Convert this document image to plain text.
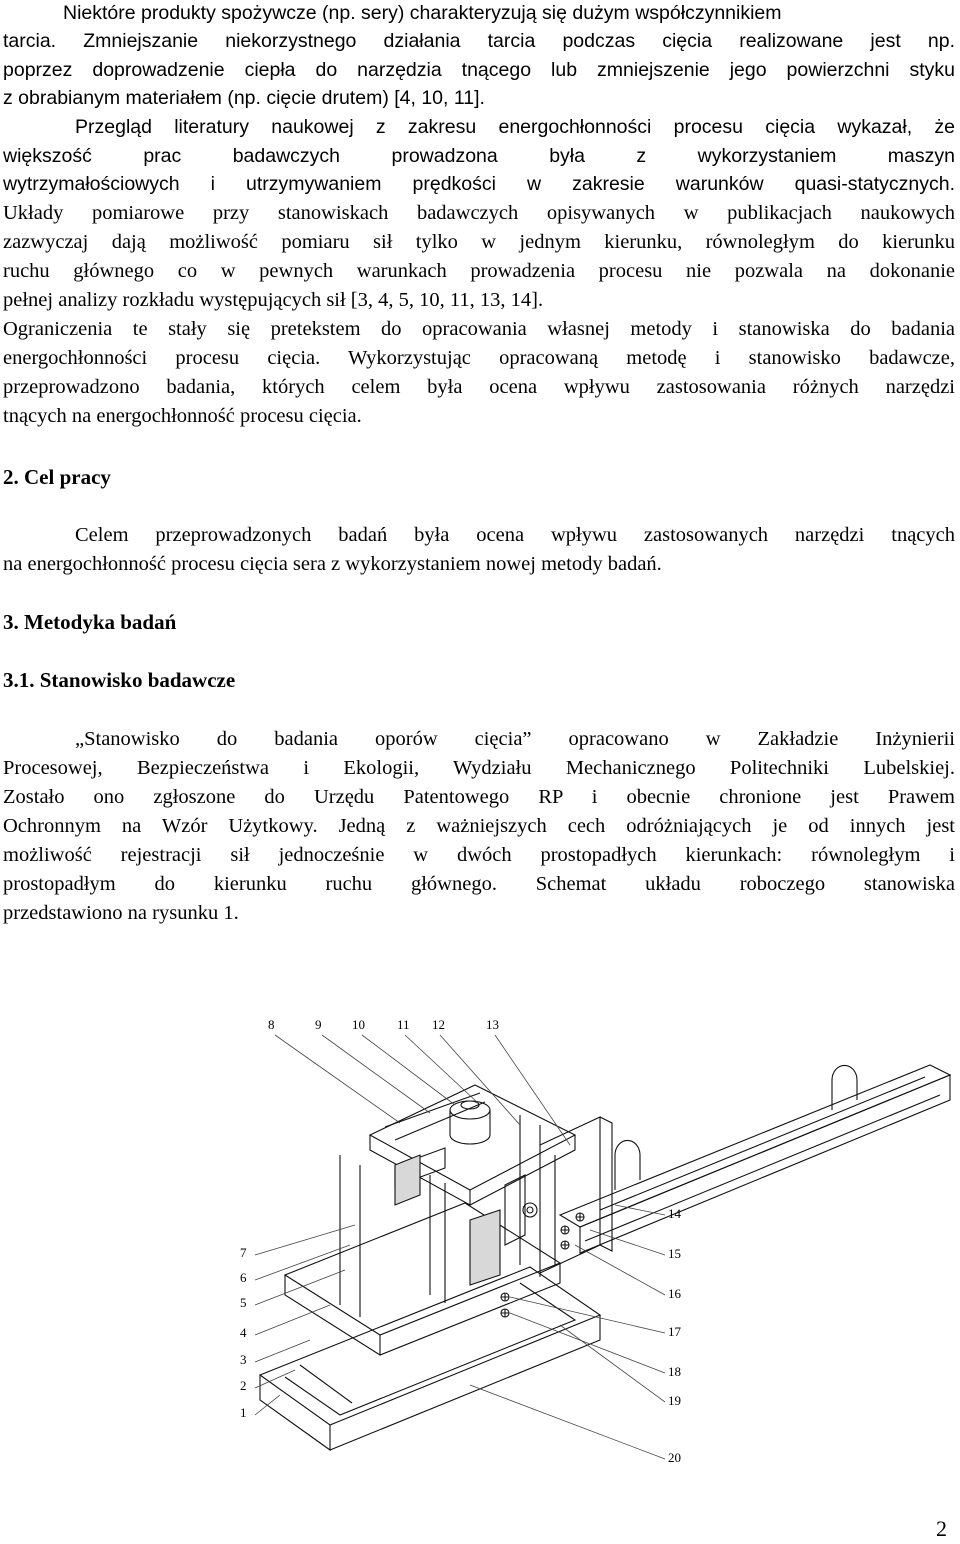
Niektóre produkty spożywcze (np. sery) charakteryzują się dużym współczynnikiem
tarcia. Zmniejszanie niekorzystnego działania tarcia podczas cięcia realizowane jest np.
poprzez doprowadzenie ciepła do narzędzia tnącego lub zmniejszenie jego powierzchni styku
z obrabianym materiałem (np. cięcie drutem) [4, 10, 11].
Przegląd literatury naukowej z zakresu energochłonności procesu cięcia wykazał, że
większość prac badawczych prowadzona była z wykorzystaniem maszyn
wytrzymałościowych i utrzymywaniem prędkości w zakresie warunków quasi-statycznych.
Układy pomiarowe przy stanowiskach badawczych opisywanych w publikacjach naukowych
zazwyczaj dają możliwość pomiaru sił tylko w jednym kierunku, równoległym do kierunku
ruchu głównego co w pewnych warunkach prowadzenia procesu nie pozwala na dokonanie
pełnej analizy rozkładu występujących sił [3, 4, 5, 10, 11, 13, 14].
Ograniczenia te stały się pretekstem do opracowania własnej metody i stanowiska do badania
energochłonności procesu cięcia. Wykorzystując opracowaną metodę i stanowisko badawcze,
przeprowadzono badania, których celem była ocena wpływu zastosowania różnych narzędzi
tnących na energochłonność procesu cięcia.
2. Cel pracy
Celem przeprowadzonych badań była ocena wpływu zastosowanych narzędzi tnących
na energochłonność procesu cięcia sera z wykorzystaniem nowej metody badań.
3. Metodyka badań
3.1. Stanowisko badawcze
„Stanowisko do badania oporów cięcia” opracowano w Zakładzie Inżynierii
Procesowej, Bezpieczeństwa i Ekologii, Wydziału Mechanicznego Politechniki Lubelskiej.
Zostało ono zgłoszone do Urzędu Patentowego RP i obecnie chronione jest Prawem
Ochronnym na Wzór Użytkowy. Jedną z ważniejszych cech odróżniających je od innych jest
możliwość rejestracji sił jednocześnie w dwóch prostopadłych kierunkach: równoległym i
prostopadłym do kierunku ruchu głównego. Schemat układu roboczego stanowiska
przedstawiono na rysunku 1.
8	9 10 11 12	13
7
6
5
4
3
2
1
14
15
16
17
18
19
20
2
